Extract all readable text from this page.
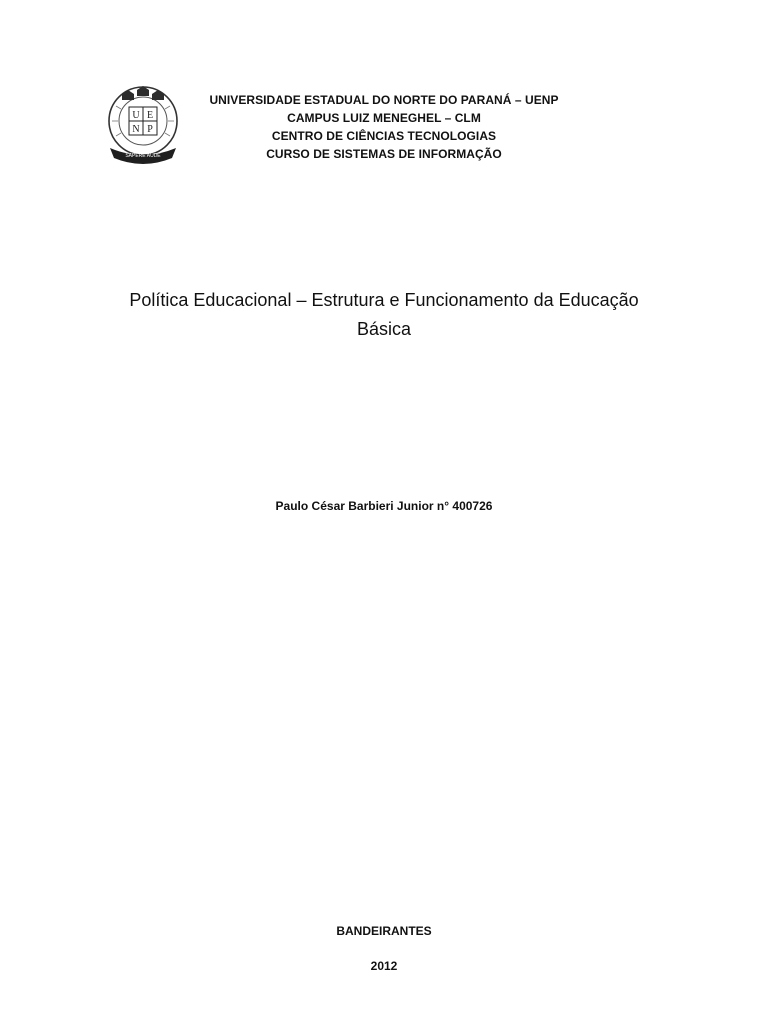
U E
N P
SAPERE AUDE
UNIVERSIDADE ESTADUAL DO NORTE DO PARANÁ – UENP
CAMPUS LUIZ MENEGHEL – CLM
CENTRO DE CIÊNCIAS TECNOLOGIAS
CURSO DE SISTEMAS DE INFORMAÇÃO
Política Educacional – Estrutura e Funcionamento da Educação
Básica
Paulo César Barbieri Junior n° 400726
BANDEIRANTES
2012
